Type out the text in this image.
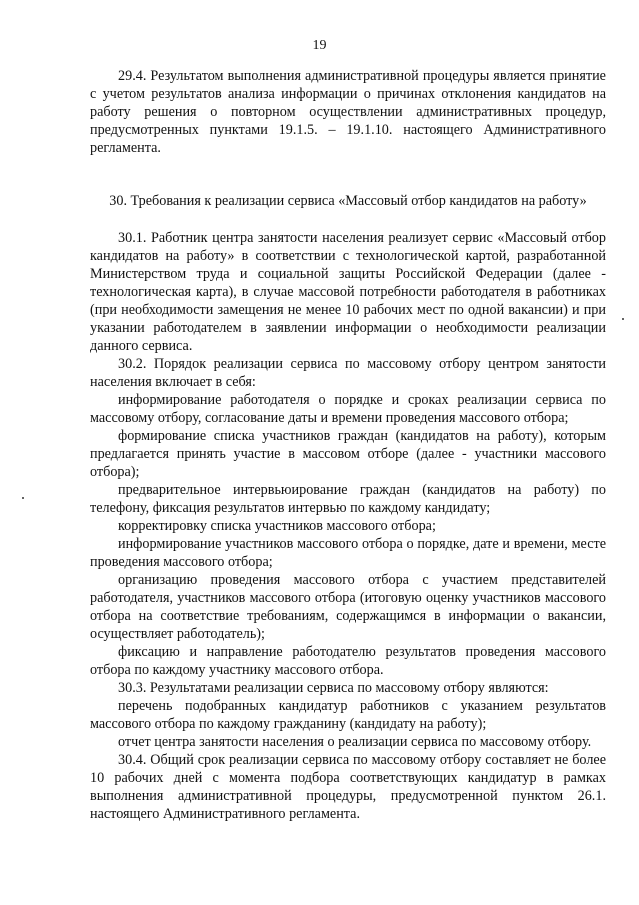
19

29.4. Результатом выполнения административной процедуры является принятие с учетом результатов анализа информации о причинах отклонения кандидатов на работу решения о повторном осуществлении административных процедур, предусмотренных пунктами 19.1.5. – 19.1.10. настоящего Административного регламента.

30. Требования к реализации сервиса «Массовый отбор кандидатов на работу»

30.1. Работник центра занятости населения реализует сервис «Массовый отбор кандидатов на работу» в соответствии с технологической картой, разработанной Министерством труда и социальной защиты Российской Федерации (далее - технологическая карта), в случае массовой потребности работодателя в работниках (при необходимости замещения не менее 10 рабочих мест по одной вакансии) и при указании работодателем в заявлении информации о необходимости реализации данного сервиса.

30.2. Порядок реализации сервиса по массовому отбору центром занятости населения включает в себя:

информирование работодателя о порядке и сроках реализации сервиса по массовому отбору, согласование даты и времени проведения массового отбора;

формирование списка участников граждан (кандидатов на работу), которым предлагается принять участие в массовом отборе (далее - участники массового отбора);

предварительное интервьюирование граждан (кандидатов на работу) по телефону, фиксация результатов интервью по каждому кандидату;

корректировку списка участников массового отбора;

информирование участников массового отбора о порядке, дате и времени, месте проведения массового отбора;

организацию проведения массового отбора с участием представителей работодателя, участников массового отбора (итоговую оценку участников массового отбора на соответствие требованиям, содержащимся в информации о вакансии, осуществляет работодатель);

фиксацию и направление работодателю результатов проведения массового отбора по каждому участнику массового отбора.

30.3. Результатами реализации сервиса по массовому отбору являются:

перечень подобранных кандидатур работников с указанием результатов массового отбора по каждому гражданину (кандидату на работу);

отчет центра занятости населения о реализации сервиса по массовому отбору.

30.4. Общий срок реализации сервиса по массовому отбору составляет не более 10 рабочих дней с момента подбора соответствующих кандидатур в рамках выполнения административной процедуры, предусмотренной пунктом 26.1. настоящего Административного регламента.
